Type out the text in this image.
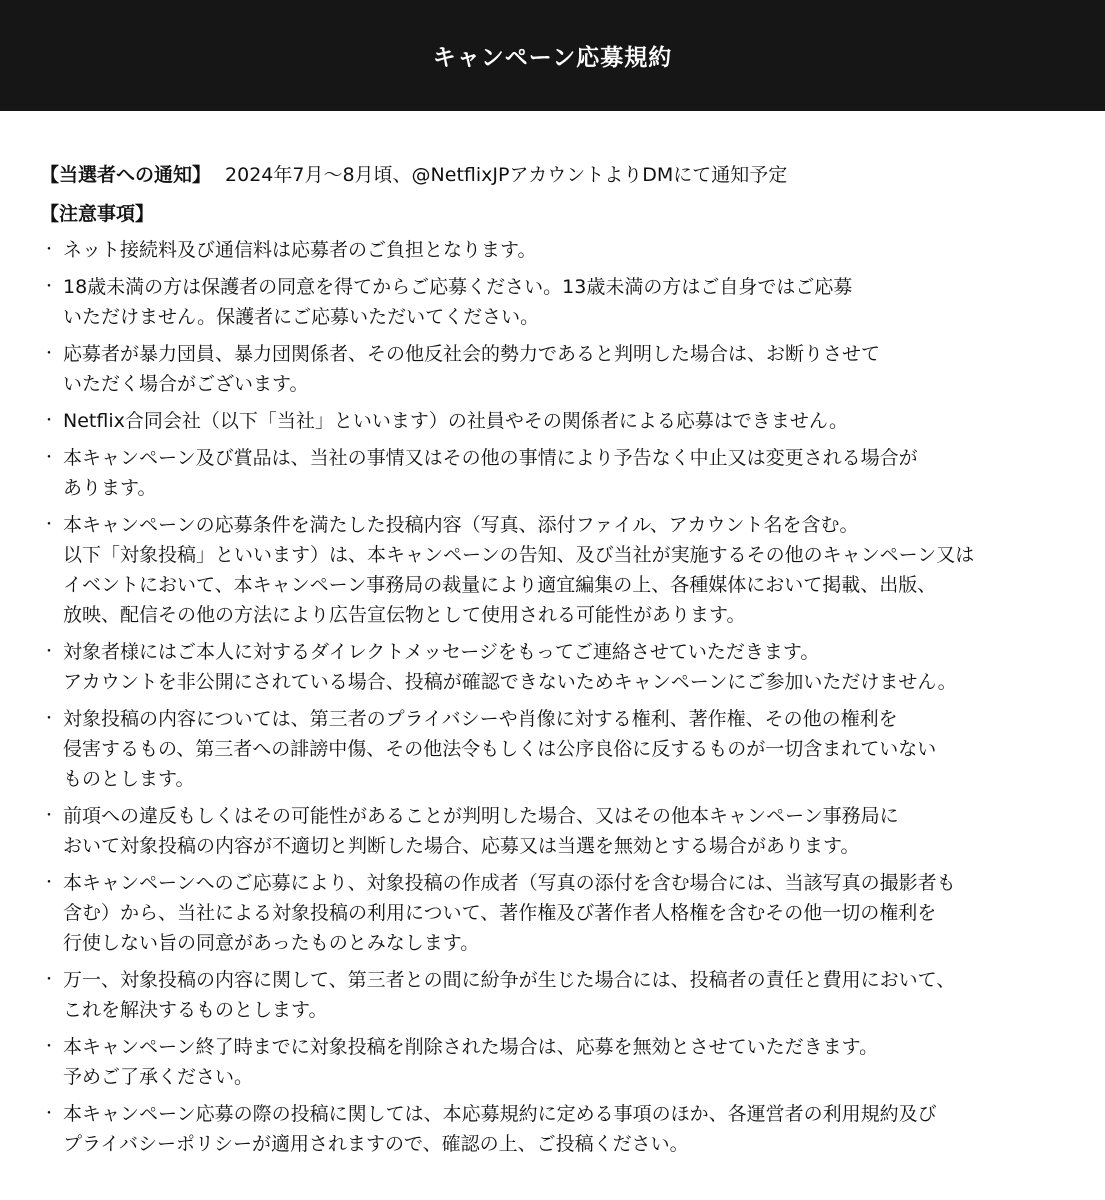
キャンペーン応募規約
【当選者への通知】 2024年7月〜8月頃、@NetflixJPアカウントよりDMにて通知予定
【注意事項】
・ ネット接続料及び通信料は応募者のご負担となります。
・ 18歳未満の方は保護者の同意を得てからご応募ください。13歳未満の方はご自身ではご応募
いただけません。保護者にご応募いただいてください。
・ 応募者が暴力団員、暴力団関係者、その他反社会的勢力であると判明した場合は、お断りさせて
いただく場合がございます。
・ Netflix合同会社（以下「当社」といいます）の社員やその関係者による応募はできません。
・ 本キャンペーン及び賞品は、当社の事情又はその他の事情により予告なく中止又は変更される場合が
あります。
・ 本キャンペーンの応募条件を満たした投稿内容（写真、添付ファイル、アカウント名を含む。
以下「対象投稿」といいます）は、本キャンペーンの告知、及び当社が実施するその他のキャンペーン又は
イベントにおいて、本キャンペーン事務局の裁量により適宜編集の上、各種媒体において掲載、出版、
放映、配信その他の方法により広告宣伝物として使用される可能性があります。
・ 対象者様にはご本人に対するダイレクトメッセージをもってご連絡させていただきます。
アカウントを非公開にされている場合、投稿が確認できないためキャンペーンにご参加いただけません。
・ 対象投稿の内容については、第三者のプライバシーや肖像に対する権利、著作権、その他の権利を
侵害するもの、第三者への誹謗中傷、その他法令もしくは公序良俗に反するものが一切含まれていない
ものとします。
・ 前項への違反もしくはその可能性があることが判明した場合、又はその他本キャンペーン事務局に
おいて対象投稿の内容が不適切と判断した場合、応募又は当選を無効とする場合があります。
・ 本キャンペーンへのご応募により、対象投稿の作成者（写真の添付を含む場合には、当該写真の撮影者も
含む）から、当社による対象投稿の利用について、著作権及び著作者人格権を含むその他一切の権利を
行使しない旨の同意があったものとみなします。
・ 万一、対象投稿の内容に関して、第三者との間に紛争が生じた場合には、投稿者の責任と費用において、
これを解決するものとします。
・ 本キャンペーン終了時までに対象投稿を削除された場合は、応募を無効とさせていただきます。
予めご了承ください。
・ 本キャンペーン応募の際の投稿に関しては、本応募規約に定める事項のほか、各運営者の利用規約及び
プライバシーポリシーが適用されますので、確認の上、ご投稿ください。
